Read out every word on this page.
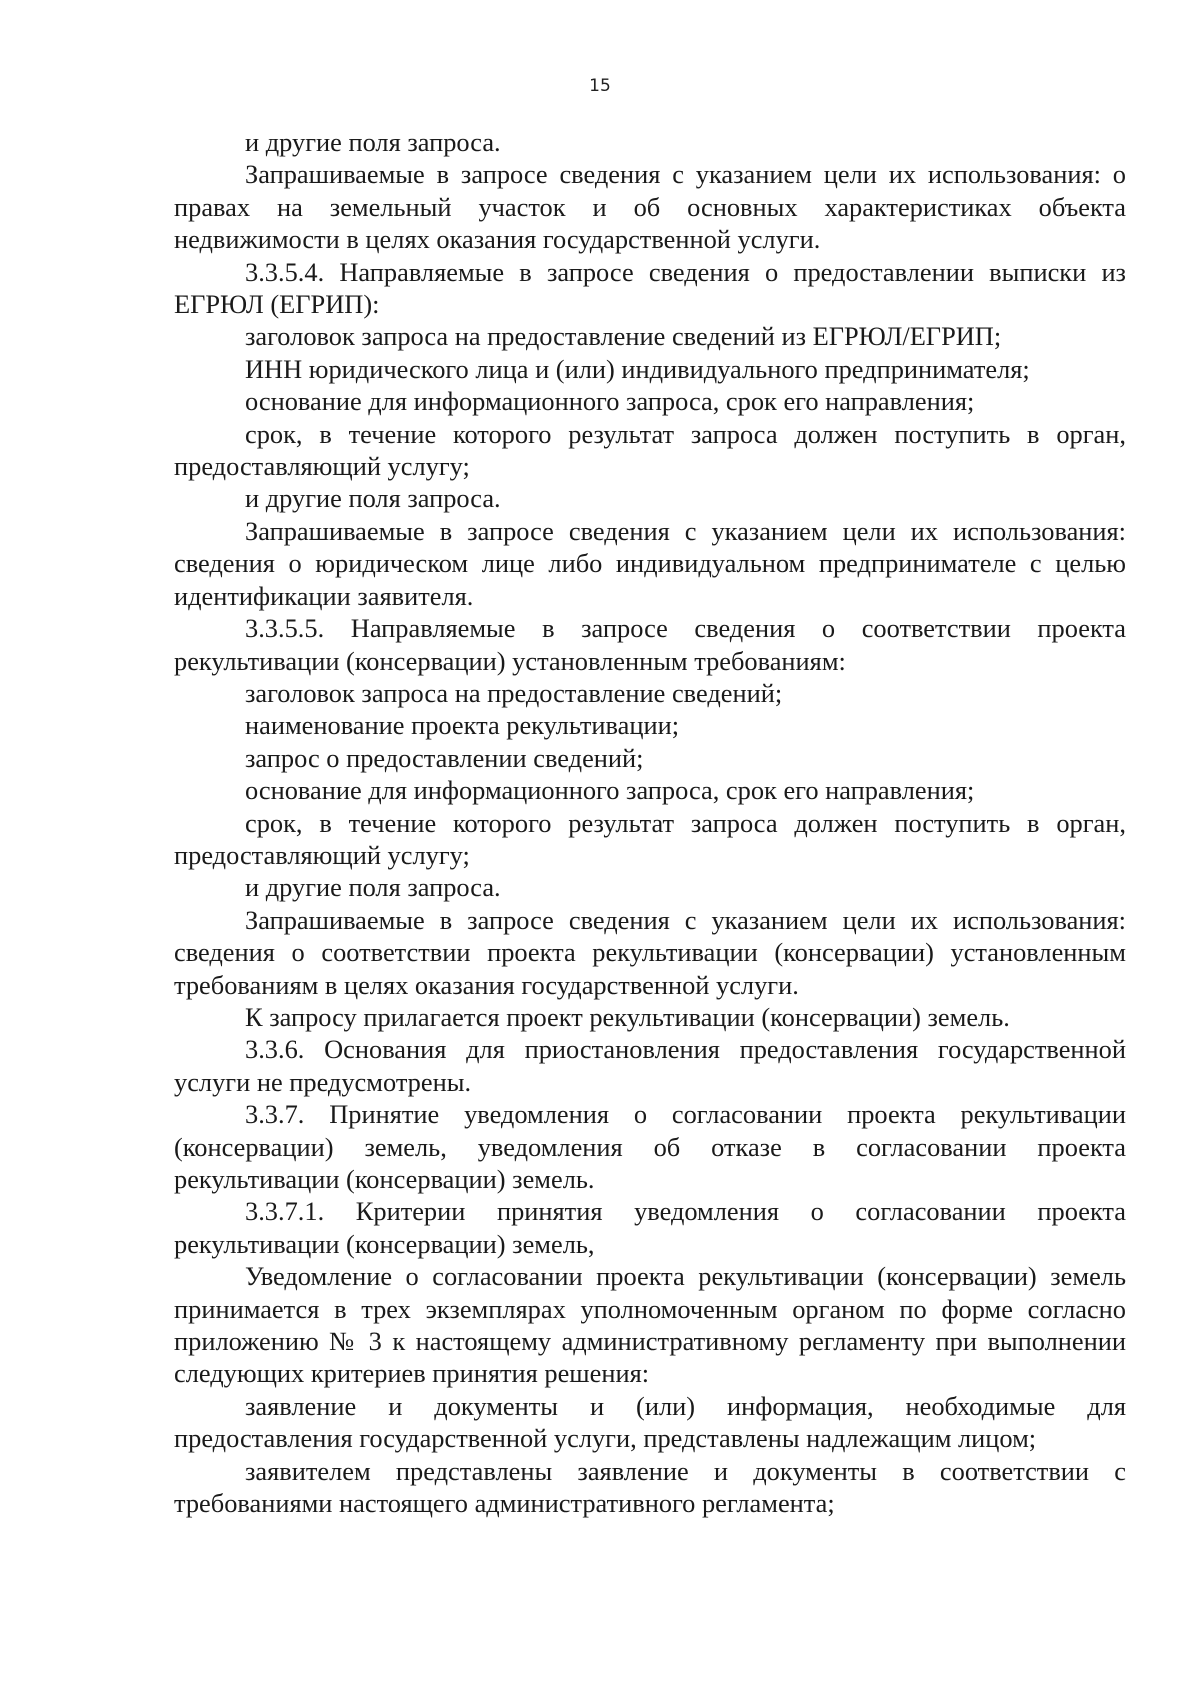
15

и другие поля запроса.

Запрашиваемые в запросе сведения с указанием цели их использования: о правах на земельный участок и об основных характеристиках объекта недвижимости в целях оказания государственной услуги.

3.3.5.4. Направляемые в запросе сведения о предоставлении выписки из ЕГРЮЛ (ЕГРИП):

заголовок запроса на предоставление сведений из ЕГРЮЛ/ЕГРИП;

ИНН юридического лица и (или) индивидуального предпринимателя;

основание для информационного запроса, срок его направления;

срок, в течение которого результат запроса должен поступить в орган, предоставляющий услугу;

и другие поля запроса.

Запрашиваемые в запросе сведения с указанием цели их использования: сведения о юридическом лице либо индивидуальном предпринимателе с целью идентификации заявителя.

3.3.5.5. Направляемые в запросе сведения о соответствии проекта рекультивации (консервации) установленным требованиям:

заголовок запроса на предоставление сведений;

наименование проекта рекультивации;

запрос о предоставлении сведений;

основание для информационного запроса, срок его направления;

срок, в течение которого результат запроса должен поступить в орган, предоставляющий услугу;

и другие поля запроса.

Запрашиваемые в запросе сведения с указанием цели их использования: сведения о соответствии проекта рекультивации (консервации) установленным требованиям в целях оказания государственной услуги.

К запросу прилагается проект рекультивации (консервации) земель.

3.3.6. Основания для приостановления предоставления государственной услуги не предусмотрены.

3.3.7. Принятие уведомления о согласовании проекта рекультивации (консервации) земель, уведомления об отказе в согласовании проекта рекультивации (консервации) земель.

3.3.7.1. Критерии принятия уведомления о согласовании проекта рекультивации (консервации) земель,

Уведомление о согласовании проекта рекультивации (консервации) земель принимается в трех экземплярах уполномоченным органом по форме согласно приложению № 3 к настоящему административному регламенту при выполнении следующих критериев принятия решения:

заявление и документы и (или) информация, необходимые для предоставления государственной услуги, представлены надлежащим лицом;

заявителем представлены заявление и документы в соответствии с требованиями настоящего административного регламента;
